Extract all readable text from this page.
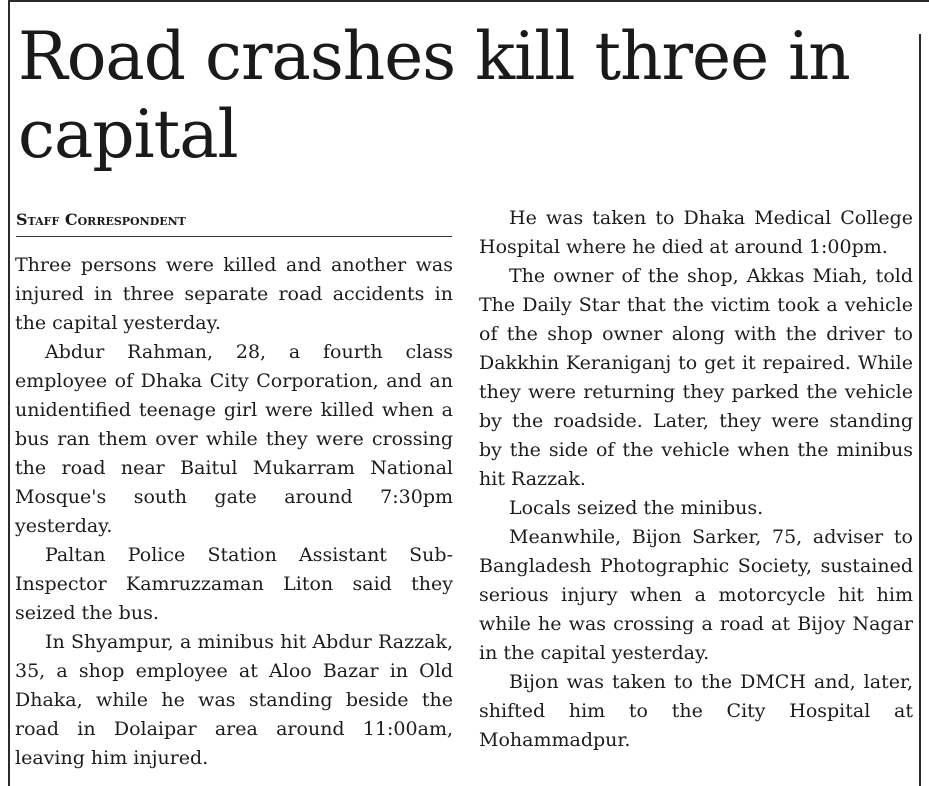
Road crashes kill three in capital
Staff Correspondent

Three persons were killed and another was injured in three separate road accidents in the capital yesterday.

Abdur Rahman, 28, a fourth class employee of Dhaka City Corporation, and an unidentified teenage girl were killed when a bus ran them over while they were crossing the road near Baitul Mukarram National Mosque's south gate around 7:30pm yesterday.

Paltan Police Station Assistant Sub-Inspector Kamruzzaman Liton said they seized the bus.

In Shyampur, a minibus hit Abdur Razzak, 35, a shop employee at Aloo Bazar in Old Dhaka, while he was standing beside the road in Dolaipar area around 11:00am, leaving him injured.

He was taken to Dhaka Medical College Hospital where he died at around 1:00pm.

The owner of the shop, Akkas Miah, told The Daily Star that the victim took a vehicle of the shop owner along with the driver to Dakkhin Keraniganj to get it repaired. While they were returning they parked the vehicle by the roadside. Later, they were standing by the side of the vehicle when the minibus hit Razzak.

Locals seized the minibus.

Meanwhile, Bijon Sarker, 75, adviser to Bangladesh Photographic Society, sustained serious injury when a motorcycle hit him while he was crossing a road at Bijoy Nagar in the capital yesterday.

Bijon was taken to the DMCH and, later, shifted him to the City Hospital at Mohammadpur.
